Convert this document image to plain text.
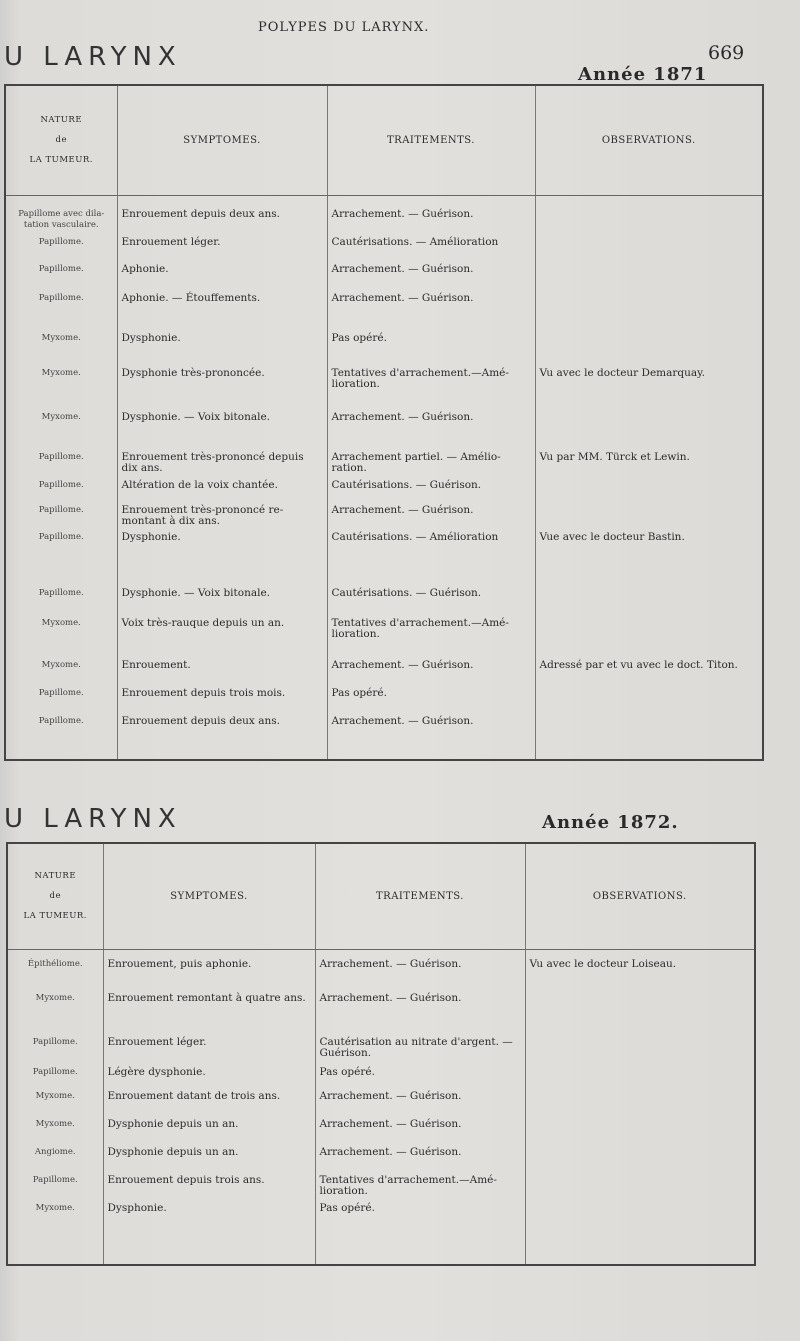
POLYPES DU LARYNX.
669
U LARYNX
Année 1871
NATURE
de
LA TUMEUR.	SYMPTOMES.	TRAITEMENTS.	OBSERVATIONS.

Papillome avec dila-tation vasculaire.	Enrouement depuis deux ans.	Arrachement. — Guérison.	
Papillome.	Enrouement léger.	Cautérisations. — Amélioration	
Papillome.	Aphonie.	Arrachement. — Guérison.	
Papillome.	Aphonie. — Étouffements.	Arrachement. — Guérison.	
Myxome.	Dysphonie.	Pas opéré.	
Myxome.	Dysphonie très-prononcée.	Tentatives d'arrachement.—Amé-lioration.	Vu avec le docteur Demarquay.
Myxome.	Dysphonie. — Voix bitonale.	Arrachement. — Guérison.	
Papillome.	Enrouement très-prononcé depuis dix ans.	Arrachement partiel. — Amélio-ration.	Vu par MM. Türck et Lewin.
Papillome.	Altération de la voix chantée.	Cautérisations. — Guérison.	
Papillome.	Enrouement très-prononcé re-montant à dix ans.	Arrachement. — Guérison.	
Papillome.	Dysphonie.	Cautérisations. — Amélioration	Vue avec le docteur Bastin.
Papillome.	Dysphonie. — Voix bitonale.	Cautérisations. — Guérison.	
Myxome.	Voix très-rauque depuis un an.	Tentatives d'arrachement.—Amé-lioration.	
Myxome.	Enrouement.	Arrachement. — Guérison.	Adressé par et vu avec le doct. Titon.
Papillome.	Enrouement depuis trois mois.	Pas opéré.	
Papillome.	Enrouement depuis deux ans.	Arrachement. — Guérison.	

U LARYNX	Année 1872.
NATURE
de
LA TUMEUR.	SYMPTOMES.	TRAITEMENTS.	OBSERVATIONS.

Épithéliome.	Enrouement, puis aphonie.	Arrachement. — Guérison.	Vu avec le docteur Loiseau.
Myxome.	Enrouement remontant à quatre ans.	Arrachement. — Guérison.	
Papillome.	Enrouement léger.	Cautérisation au nitrate d'argent. — Guérison.	
Papillome.	Légère dysphonie.	Pas opéré.	
Myxome.	Enrouement datant de trois ans.	Arrachement. — Guérison.	
Myxome.	Dysphonie depuis un an.	Arrachement. — Guérison.	
Angiome.	Dysphonie depuis un an.	Arrachement. — Guérison.	
Papillome.	Enrouement depuis trois ans.	Tentatives d'arrachement.—Amé-lioration.	
Myxome.	Dysphonie.	Pas opéré.	
